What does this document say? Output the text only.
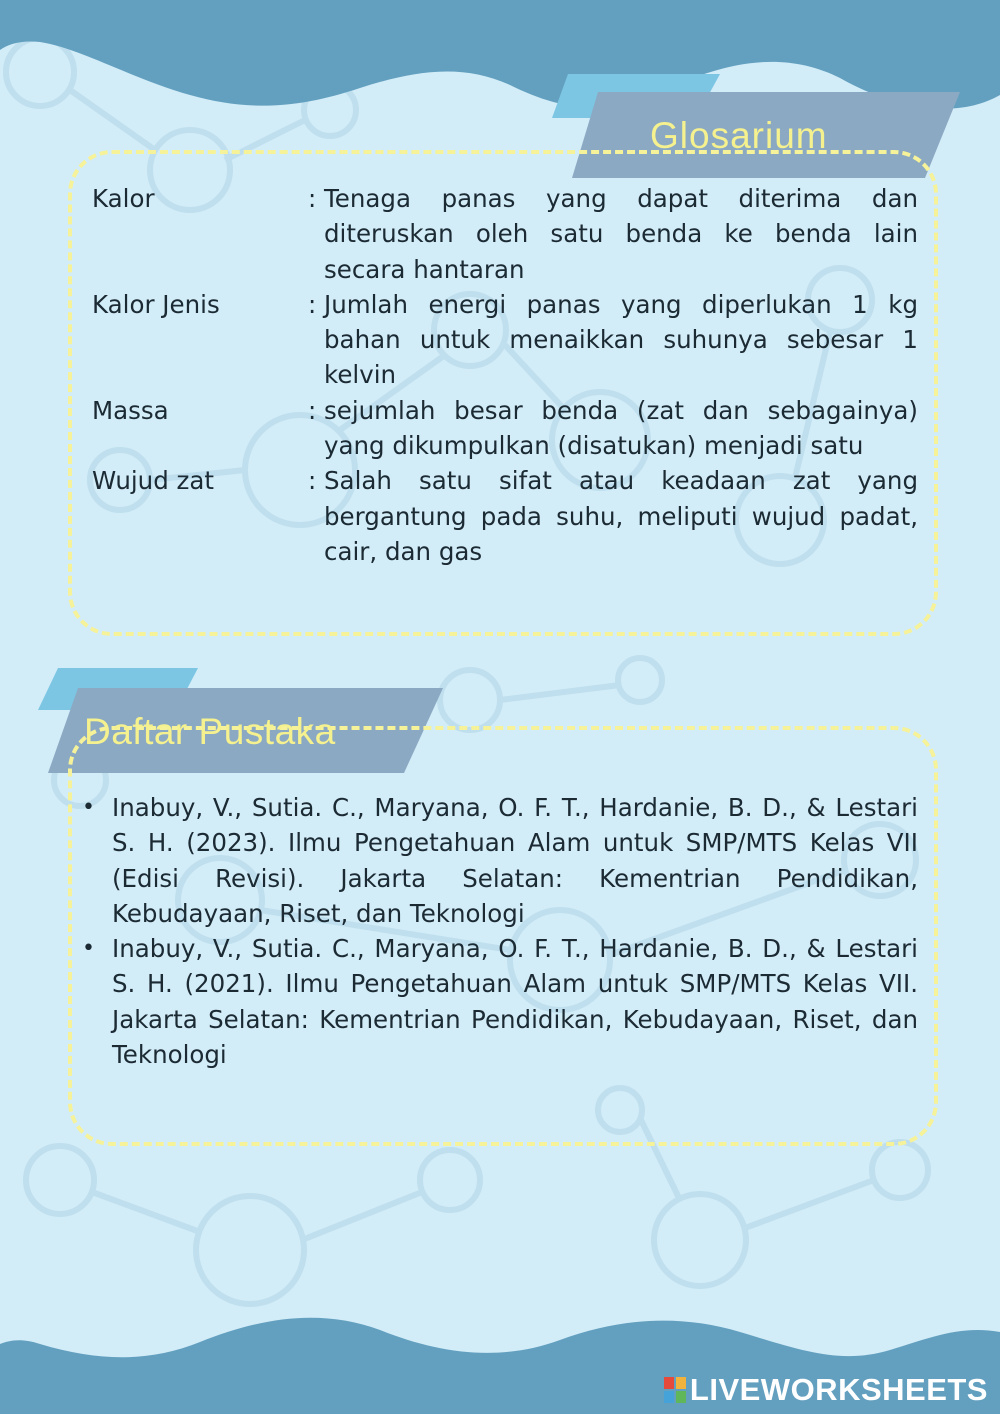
Glosarium
Kalor	: Tenaga panas yang dapat diterima dan diteruskan oleh satu benda ke benda lain secara hantaran
Kalor Jenis	: Jumlah energi panas yang diperlukan 1 kg bahan untuk menaikkan suhunya sebesar 1 kelvin
Massa	: sejumlah besar benda (zat dan sebagainya) yang dikumpulkan (disatukan) menjadi satu
Wujud zat	: Salah satu sifat atau keadaan zat yang bergantung pada suhu, meliputi wujud padat, cair, dan gas
Daftar Pustaka
• Inabuy, V., Sutia. C., Maryana, O. F. T., Hardanie, B. D., & Lestari S. H. (2023). Ilmu Pengetahuan Alam untuk SMP/MTS Kelas VII (Edisi Revisi). Jakarta Selatan: Kementrian Pendidikan, Kebudayaan, Riset, dan Teknologi
• Inabuy, V., Sutia. C., Maryana, O. F. T., Hardanie, B. D., & Lestari S. H. (2021). Ilmu Pengetahuan Alam untuk SMP/MTS Kelas VII. Jakarta Selatan: Kementrian Pendidikan, Kebudayaan, Riset, dan Teknologi
LIVEWORKSHEETS
